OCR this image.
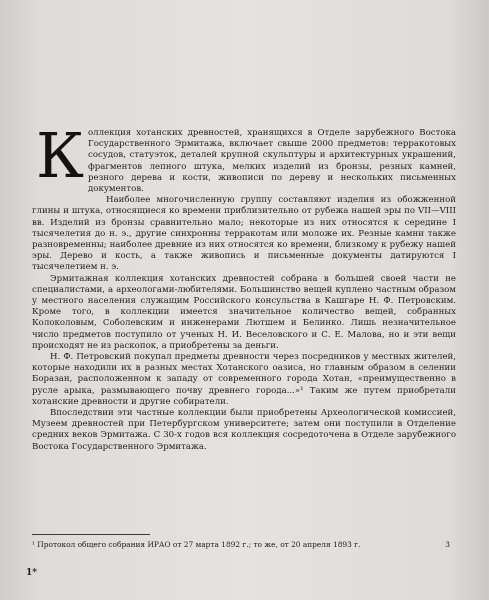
К оллекция хотанских древностей, хранящихся в Отделе зарубежного Востока Государственного Эрмитажа, включает свыше 2000 предметов: терракотовых сосудов, статуэток, деталей крупной скульптуры и архитектурных украшений, фрагментов лепного штука, мелких изделий из бронзы, резных камней, резного дерева и кости, живописи по дереву и нескольких письменных документов.

Наиболее многочисленную группу составляют изделия из обожженной глины и штука, относящиеся ко времени приблизительно от рубежа нашей эры по VII—VIII вв. Изделий из бронзы сравнительно мало; некоторые из них относятся к середине I тысячелетия до н. э., другие синхронны терракотам или моложе их. Резные камни также разновременны; наиболее древние из них относятся ко времени, близкому к рубежу нашей эры. Дерево и кость, а также живопись и письменные документы датируются I тысячелетием н. э.

Эрмитажная коллекция хотанских древностей собрана в большей своей части не специалистами, а археологами-любителями. Большинство вещей куплено частным образом у местного населения служащим Российского консульства в Кашгаре Н. Ф. Петровским. Кроме того, в коллекции имеется значительное количество вещей, собранных Колоколовым, Соболевским и инженерами Лютшем и Белинко. Лишь незначительное число предметов поступило от ученых Н. И. Веселовского и С. Е. Малова, но и эти вещи происходят не из раскопок, а приобретены за деньги.

Н. Ф. Петровский покупал предметы древности через посредников у местных жителей, которые находили их в разных местах Хотанского оазиса, но главным образом в селении Боразан, расположенном к западу от современного города Хотан, «преимущественно в русле арыка, размывающего почву древнего города...»¹ Таким же путем приобретали хотанские древности и другие собиратели.

Впоследствии эти частные коллекции были приобретены Археологической комиссией, Музеем древностей при Петербургском университете; затем они поступили в Отделение средних веков Эрмитажа. С 30-х годов вся коллекция сосредоточена в Отделе зарубежного Востока Государственного Эрмитажа.

¹ Протокол общего собрания ИРАО от 27 марта 1892 г.; то же, от 20 апреля 1893 г.	3
1*
